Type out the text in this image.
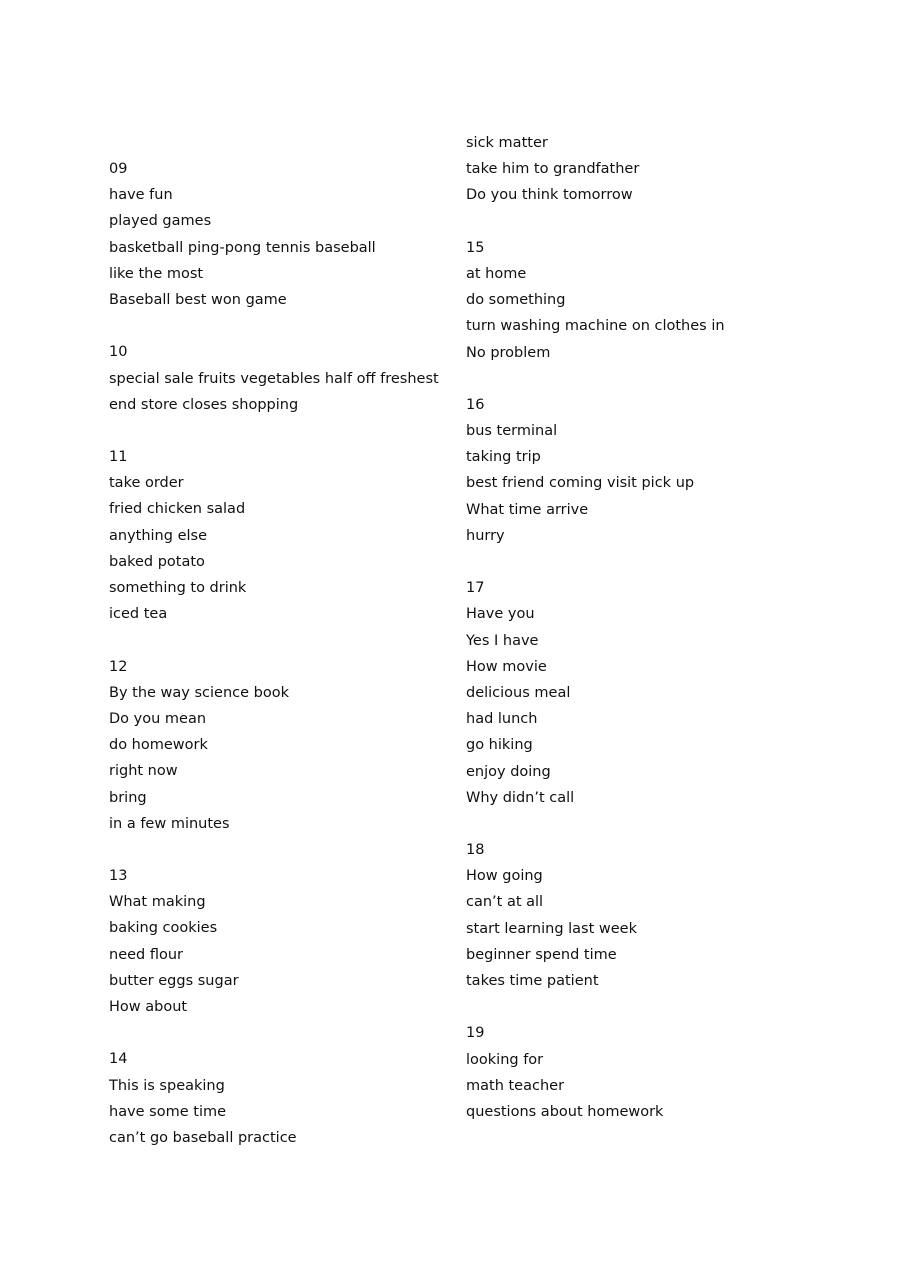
09
have fun
played games
basketball ping-pong tennis baseball
like the most
Baseball best won game
10
special sale fruits vegetables half off freshest
end store closes shopping
11
take order
fried chicken salad
anything else
baked potato
something to drink
iced tea
12
By the way science book
Do you mean
do homework
right now
bring
in a few minutes
13
What making
baking cookies
need flour
butter eggs sugar
How about
14
This is speaking
have some time
can’t go baseball practice
sick matter
take him to grandfather
Do you think tomorrow
15
at home
do something
turn washing machine on clothes in
No problem
16
bus terminal
taking trip
best friend coming visit pick up
What time arrive
hurry
17
Have you
Yes I have
How movie
delicious meal
had lunch
go hiking
enjoy doing
Why didn’t call
18
How going
can’t at all
start learning last week
beginner spend time
takes time patient
19
looking for
math teacher
questions about homework
